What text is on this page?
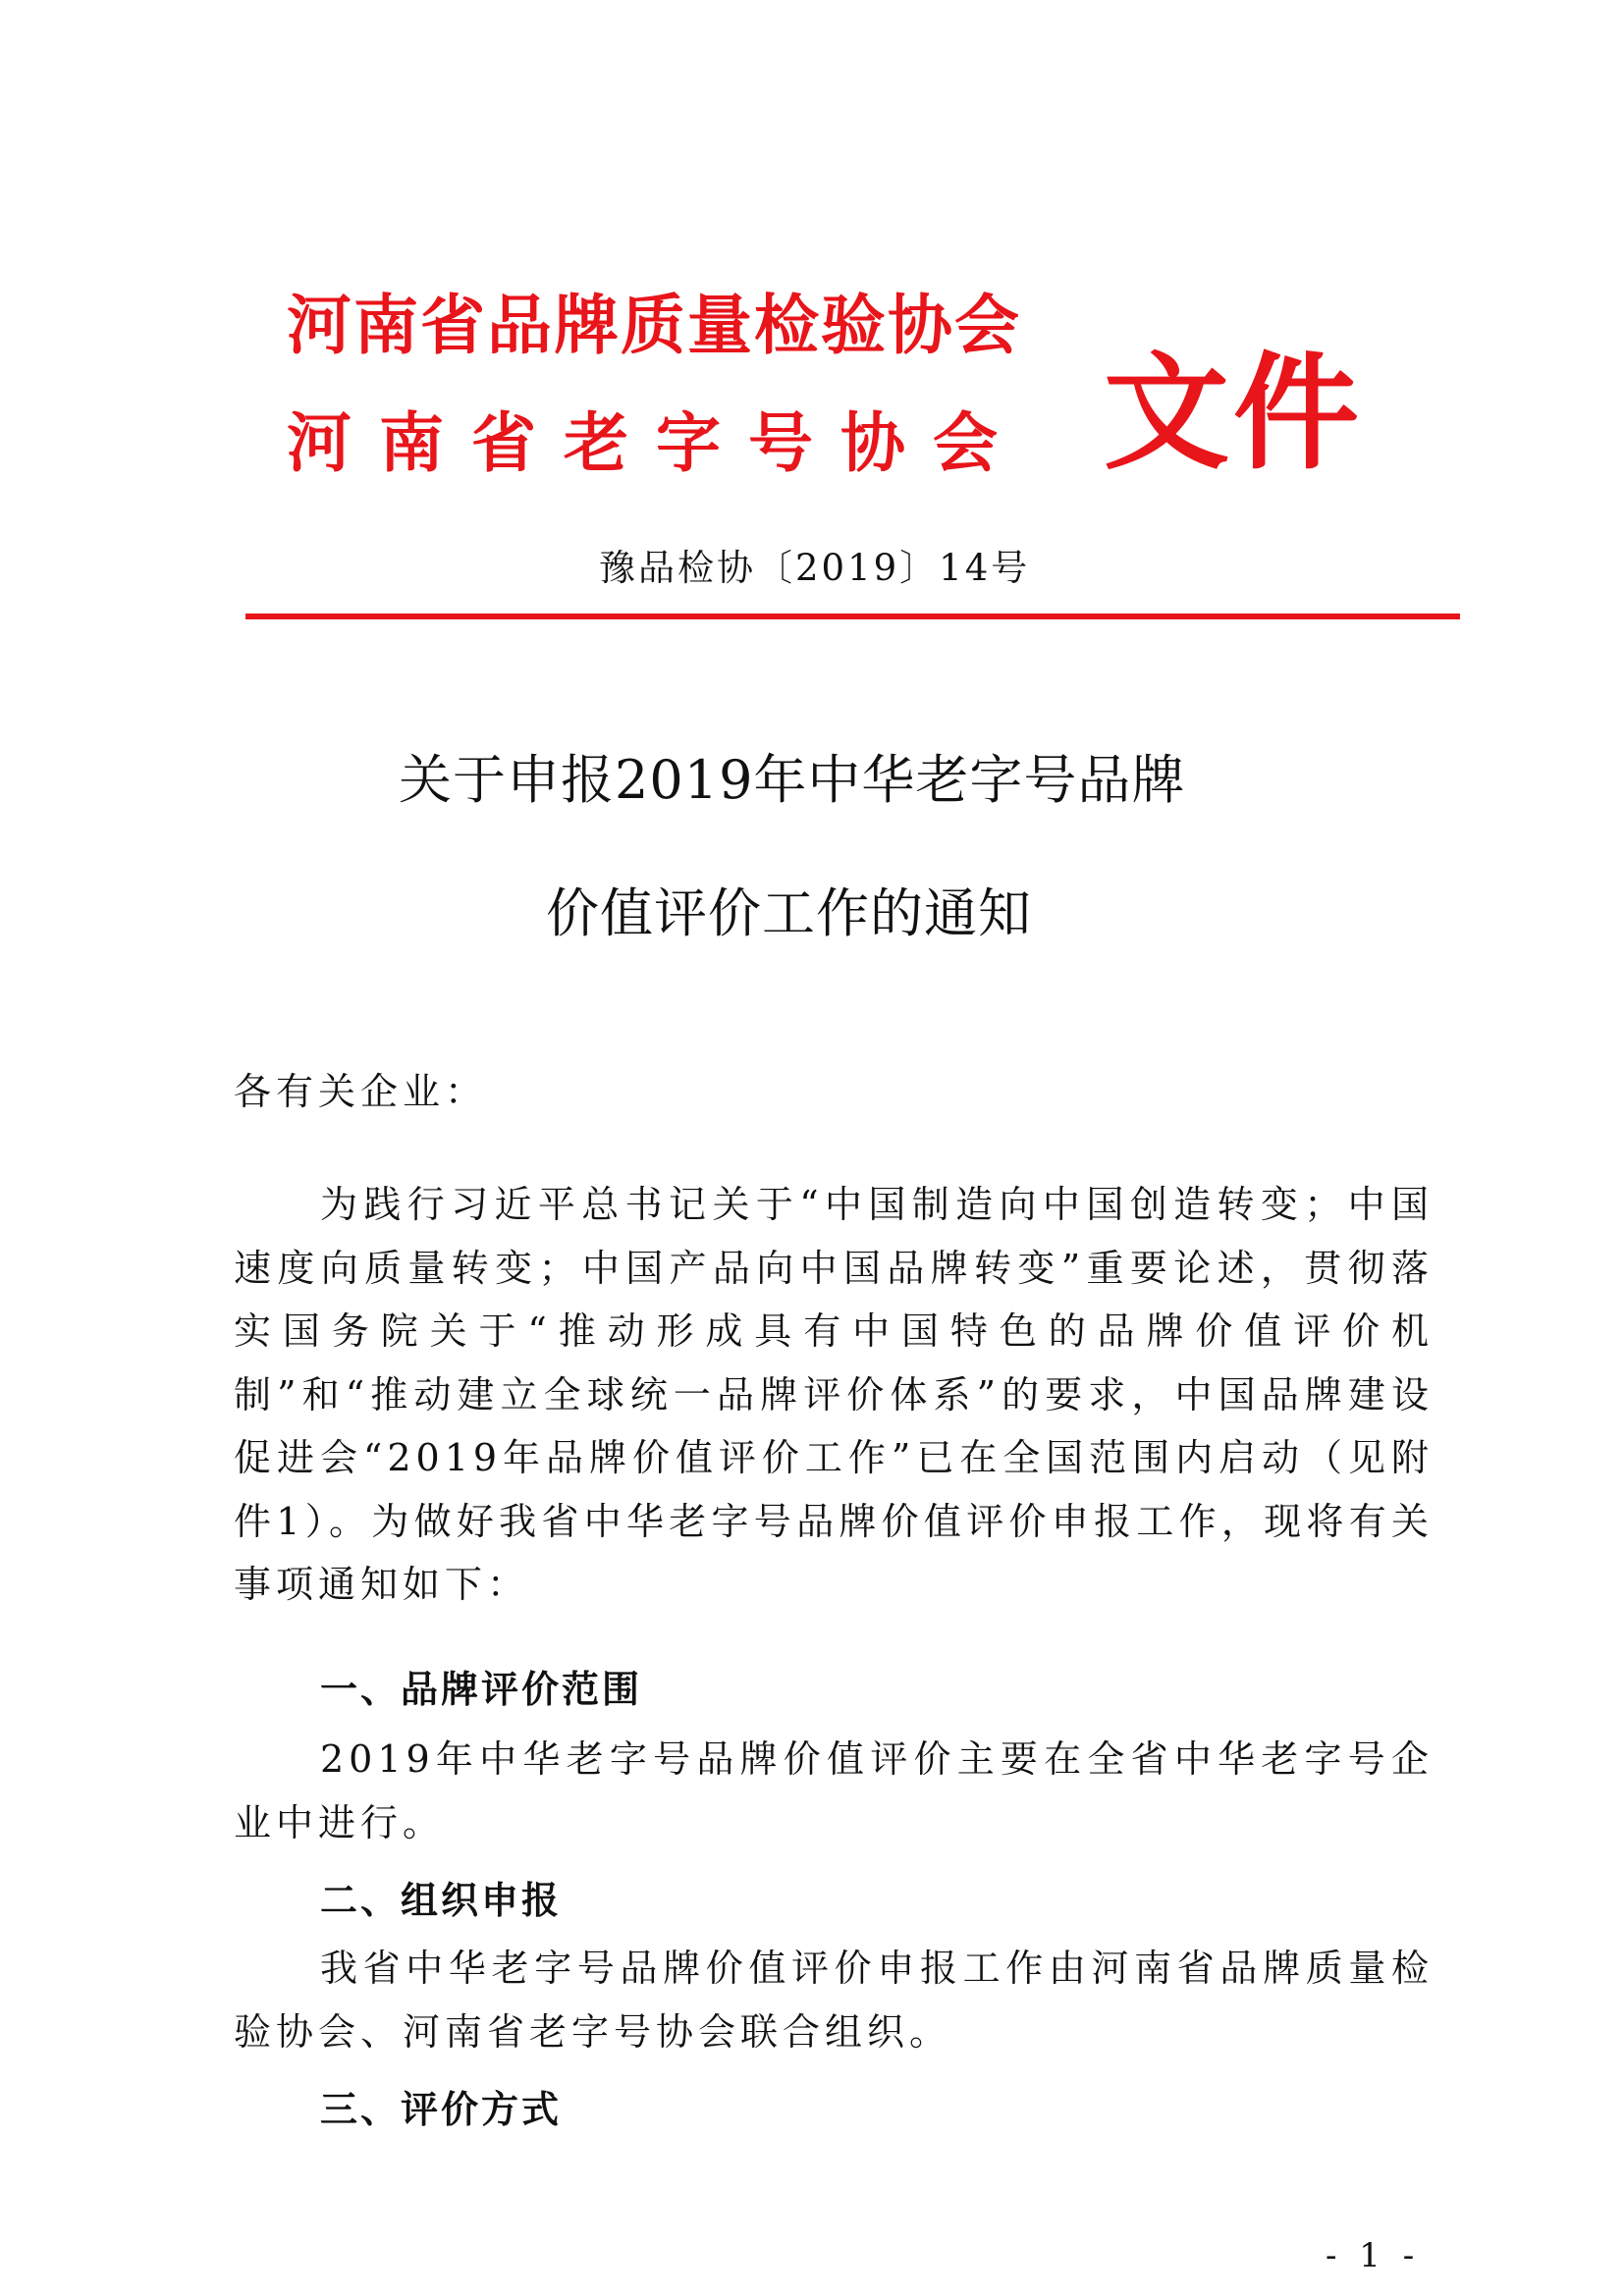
河南省品牌质量检验协会
河南省老字号协会 文件
豫品检协〔2019〕14号
关于申报2019年中华老字号品牌
价值评价工作的通知
各有关企业：
为践行习近平总书记关于“中国制造向中国创造转变；中国速度向质量转变；中国产品向中国品牌转变”重要论述，贯彻落实国务院关于“推动形成具有中国特色的品牌价值评价机制”和“推动建立全球统一品牌评价体系”的要求，中国品牌建设促进会“2019年品牌价值评价工作”已在全国范围内启动（见附件1）。为做好我省中华老字号品牌价值评价申报工作，现将有关事项通知如下：
一、品牌评价范围
2019年中华老字号品牌价值评价主要在全省中华老字号企业中进行。
二、组织申报
我省中华老字号品牌价值评价申报工作由河南省品牌质量检验协会、河南省老字号协会联合组织。
三、评价方式
- 1 -
